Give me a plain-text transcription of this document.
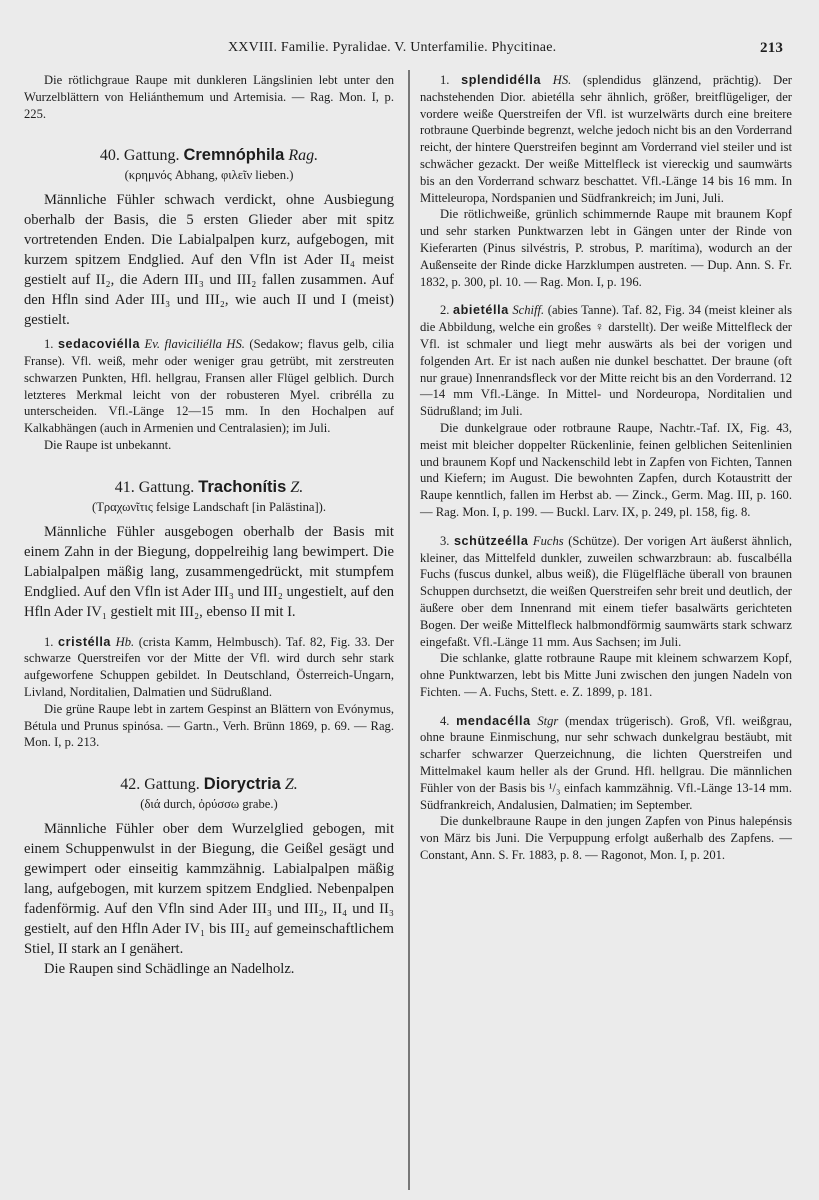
XXVIII. Familie. Pyralidae. V. Unterfamilie. Phycitinae.	213

Die rötlichgraue Raupe mit dunkleren Längslinien lebt unter den Wurzelblättern von Heliánthemum und Artemisia. — Rag. Mon. I, p. 225.

40. Gattung. Cremnóphila Rag.

(κρημνός Abhang, φιλεῖν lieben.)

Männliche Fühler schwach verdickt, ohne Ausbiegung oberhalb der Basis, die 5 ersten Glieder aber mit spitz vortretenden Enden. Die Labialpalpen kurz, aufgebogen, mit kurzem spitzem Endglied. Auf den Vfln ist Ader II₄ meist gestielt auf II₂, die Adern III₃ und III₂ fallen zusammen. Auf den Hfln sind Ader III₃ und III₂, wie auch II und I (meist) gestielt.

1. sedacoviélla Ev. flaviciliélla HS. (Sedakow; flavus gelb, cilia Franse). Vfl. weiß, mehr oder weniger grau getrübt, mit zerstreuten schwarzen Punkten, Hfl. hellgrau, Fransen aller Flügel gelblich. Durch letzteres Merkmal leicht von der robusteren Myel. cribrélla zu unterscheiden. Vfl.-Länge 12—15 mm. In den Hochalpen auf Kalkabhängen (auch in Armenien und Centralasien); im Juli.

Die Raupe ist unbekannt.

41. Gattung. Trachonítis Z.

(Τραχωνῖτις felsige Landschaft [in Palästina]).

Männliche Fühler ausgebogen oberhalb der Basis mit einem Zahn in der Biegung, doppelreihig lang bewimpert. Die Labialpalpen mäßig lang, zusammengedrückt, mit stumpfem Endglied. Auf den Vfln ist Ader III₃ und III₂ ungestielt, auf den Hfln Ader IV₁ gestielt mit III₂, ebenso II mit I.

1. cristélla Hb. (crista Kamm, Helmbusch). Taf. 82, Fig. 33. Der schwarze Querstreifen vor der Mitte der Vfl. wird durch sehr stark aufgeworfene Schuppen gebildet. In Deutschland, Österreich-Ungarn, Livland, Norditalien, Dalmatien und Südrußland.

Die grüne Raupe lebt in zartem Gespinst an Blättern von Evónymus, Bétula und Prunus spinósa. — Gartn., Verh. Brünn 1869, p. 69. — Rag. Mon. I, p. 213.

42. Gattung. Dioryctria Z.

(διά durch, ὀρύσσω grabe.)

Männliche Fühler ober dem Wurzelglied gebogen, mit einem Schuppenwulst in der Biegung, die Geißel gesägt und gewimpert oder einseitig kammzähnig. Labialpalpen mäßig lang, aufgebogen, mit kurzem spitzem Endglied. Nebenpalpen fadenförmig. Auf den Vfln sind Ader III₃ und III₂, II₄ und II₃ gestielt, auf den Hfln Ader IV₁ bis III₂ auf gemeinschaftlichem Stiel, II stark an I genähert.

Die Raupen sind Schädlinge an Nadelholz.

1. splendidélla HS. (splendidus glänzend, prächtig). Der nachstehenden Dior. abietélla sehr ähnlich, größer, breitflügeliger, der vordere weiße Querstreifen der Vfl. ist wurzelwärts durch eine breitere rotbraune Querbinde begrenzt, welche jedoch nicht bis an den Vorderrand reicht, der hintere Querstreifen beginnt am Vorderrand viel steiler und ist schwächer gezackt. Der weiße Mittelfleck ist viereckig und saumwärts bis an den Vorderrand schwarz beschattet. Vfl.-Länge 14 bis 16 mm. In Mitteleuropa, Nordspanien und Südfrankreich; im Juni, Juli.

Die rötlichweiße, grünlich schimmernde Raupe mit braunem Kopf und sehr starken Punktwarzen lebt in Gängen unter der Rinde von Kieferarten (Pinus silvéstris, P. strobus, P. marítima), wodurch an der Außenseite der Rinde dicke Harzklumpen austreten. — Dup. Ann. S. Fr. 1832, p. 300, pl. 10. — Rag. Mon. I, p. 196.

2. abietélla Schiff. (abies Tanne). Taf. 82, Fig. 34 (meist kleiner als die Abbildung, welche ein großes ♀ darstellt). Der weiße Mittelfleck der Vfl. ist schmaler und liegt mehr auswärts als bei der vorigen und folgenden Art. Er ist nach außen nie dunkel beschattet. Der braune (oft nur graue) Innenrandsfleck vor der Mitte reicht bis an den Vorderrand. 12—14 mm Vfl.-Länge. In Mittel- und Nordeuropa, Norditalien und Südrußland; im Juli.

Die dunkelgraue oder rotbraune Raupe, Nachtr.-Taf. IX, Fig. 43, meist mit bleicher doppelter Rückenlinie, feinen gelblichen Seitenlinien und braunem Kopf und Nackenschild lebt in Zapfen von Fichten, Tannen und Kiefern; im August. Die bewohnten Zapfen, durch Kotaustritt der Raupe kenntlich, fallen im Herbst ab. — Zinck., Germ. Mag. III, p. 160. — Rag. Mon. I, p. 199. — Buckl. Larv. IX, p. 249, pl. 158, fig. 8.

3. schützeélla Fuchs (Schütze). Der vorigen Art äußerst ähnlich, kleiner, das Mittelfeld dunkler, zuweilen schwarzbraun: ab. fuscalbélla Fuchs (fuscus dunkel, albus weiß), die Flügelfläche überall von braunen Schuppen durchsetzt, die weißen Querstreifen sehr breit und deutlich, der äußere ober dem Innenrand mit einem tiefer basalwärts gerichteten Bogen. Der weiße Mittelfleck halbmondförmig saumwärts stark schwarz eingefaßt. Vfl.-Länge 11 mm. Aus Sachsen; im Juli.

Die schlanke, glatte rotbraune Raupe mit kleinem schwarzem Kopf, ohne Punktwarzen, lebt bis Mitte Juni zwischen den jungen Nadeln von Fichten. — A. Fuchs, Stett. e. Z. 1899, p. 181.

4. mendacélla Stgr (mendax trügerisch). Groß, Vfl. weißgrau, ohne braune Einmischung, nur sehr schwach dunkelgrau bestäubt, mit scharfer schwarzer Querzeichnung, die lichten Querstreifen und Mittelmakel kaum heller als der Grund. Hfl. hellgrau. Die männlichen Fühler von der Basis bis ¹/₃ einfach kammzähnig. Vfl.-Länge 13-14 mm. Südfrankreich, Andalusien, Dalmatien; im September.

Die dunkelbraune Raupe in den jungen Zapfen von Pinus halepénsis von März bis Juni. Die Verpuppung erfolgt außerhalb des Zapfens. — Constant, Ann. S. Fr. 1883, p. 8. — Ragonot, Mon. I, p. 201.
